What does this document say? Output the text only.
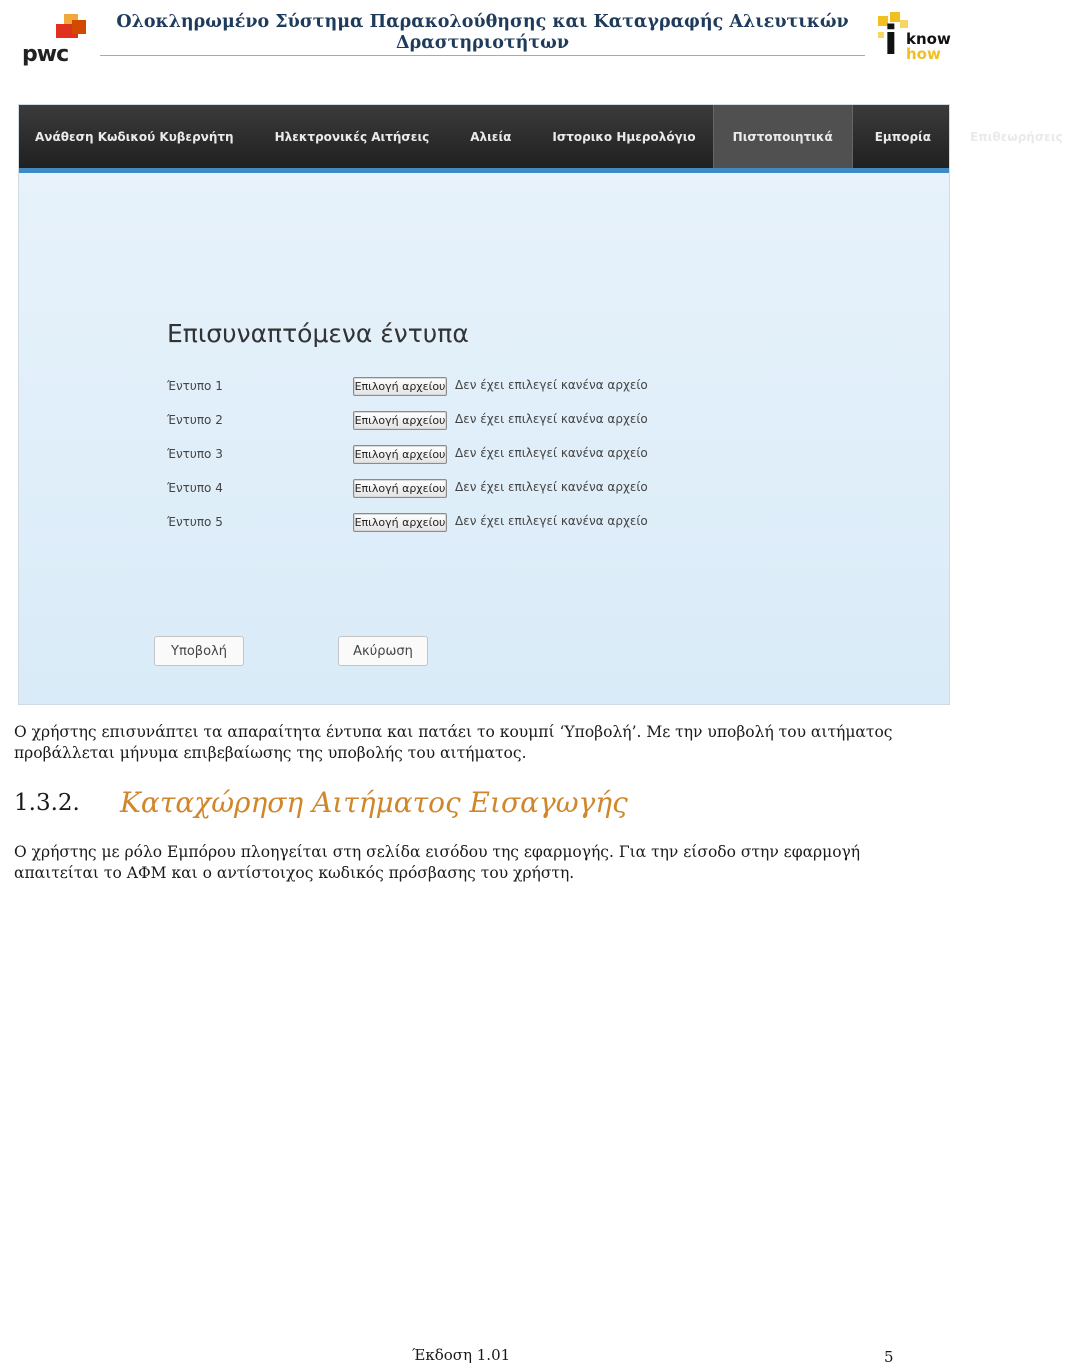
pwc
Ολοκληρωμένο Σύστημα Παρακολούθησης και Καταγραφής Αλιευτικών Δραστηριοτήτων	i know
how
Ανάθεση Κωδικού Κυβερνήτη	Ηλεκτρονικές Αιτήσεις	Αλιεία	Ιστορικο Ημερολόγιο	Πιστοποιητικά	Εμπορία	Επιθεωρήσεις
Επισυναπτόμενα έντυπα
Έντυπο 1	Επιλογή αρχείου Δεν έχει επιλεγεί κανένα αρχείο
Έντυπο 2	Επιλογή αρχείου Δεν έχει επιλεγεί κανένα αρχείο
Έντυπο 3	Επιλογή αρχείου Δεν έχει επιλεγεί κανένα αρχείο
Έντυπο 4	Επιλογή αρχείου Δεν έχει επιλεγεί κανένα αρχείο
Έντυπο 5	Επιλογή αρχείου Δεν έχει επιλεγεί κανένα αρχείο
Υποβολή	Ακύρωση

Ο χρήστης επισυνάπτει τα απαραίτητα έντυπα και πατάει το κουμπί ‘Υποβολή’. Με την υποβολή του αιτήματος προβάλλεται μήνυμα επιβεβαίωσης της υποβολής του αιτήματος.

1.3.2. Καταχώρηση Αιτήματος Εισαγωγής

Ο χρήστης με ρόλο Εμπόρου πλοηγείται στη σελίδα εισόδου της εφαρμογής. Για την είσοδο στην εφαρμογή απαιτείται το ΑΦΜ και ο αντίστοιχος κωδικός πρόσβασης του χρήστη.

Έκδοση 1.01	5
